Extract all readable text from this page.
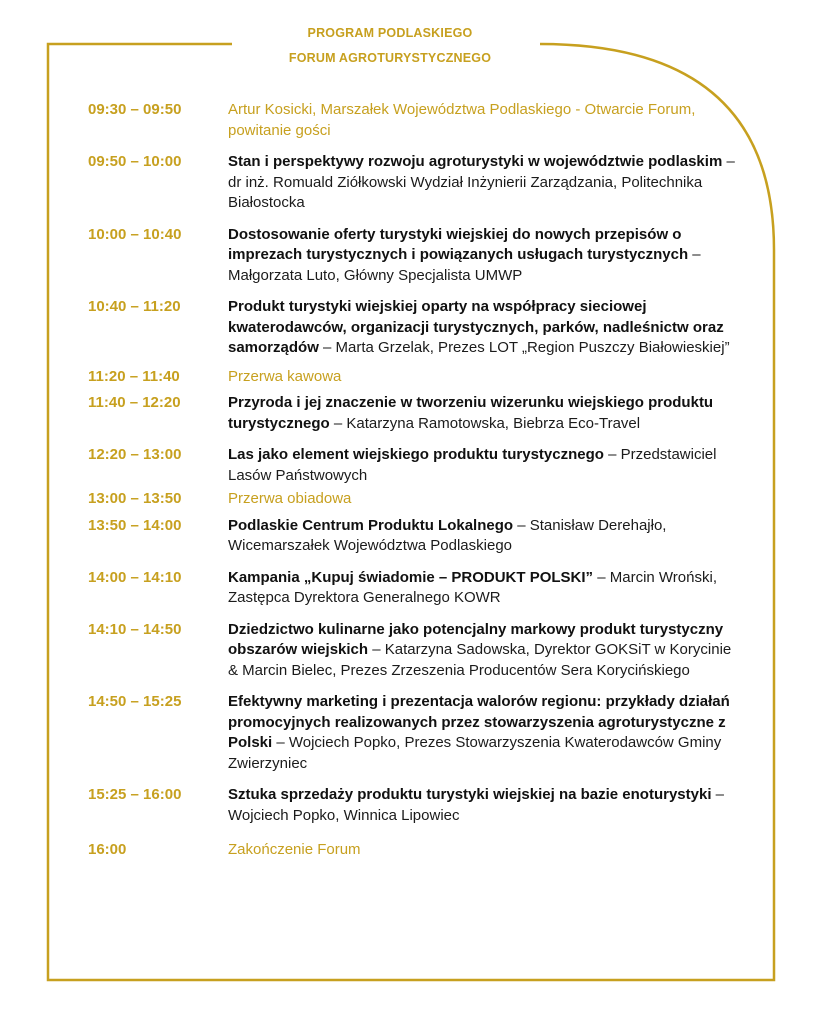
PROGRAM PODLASKIEGO
FORUM AGROTURYSTYCZNEGO
09:30 – 09:50	Artur Kosicki, Marszałek Województwa Podlaskiego - Otwarcie Forum, powitanie gości
09:50 – 10:00	Stan i perspektywy rozwoju agroturystyki w województwie podlaskim – dr inż. Romuald Ziółkowski Wydział Inżynierii Zarządzania, Politechnika Białostocka
10:00 – 10:40	Dostosowanie oferty turystyki wiejskiej do nowych przepisów o imprezach turystycznych i powiązanych usługach turystycznych – Małgorzata Luto, Główny Specjalista UMWP
10:40 – 11:20	Produkt turystyki wiejskiej oparty na współpracy sieciowej kwaterodawców, organizacji turystycznych, parków, nadleśnictw oraz samorządów – Marta Grzelak, Prezes LOT „Region Puszczy Białowieskiej”
11:20 – 11:40	Przerwa kawowa
11:40 – 12:20	Przyroda i jej znaczenie w tworzeniu wizerunku wiejskiego produktu turystycznego – Katarzyna Ramotowska, Biebrza Eco-Travel
12:20 – 13:00	Las jako element wiejskiego produktu turystycznego – Przedstawiciel Lasów Państwowych
13:00 – 13:50	Przerwa obiadowa
13:50 – 14:00	Podlaskie Centrum Produktu Lokalnego – Stanisław Derehajło, Wicemarszałek Województwa Podlaskiego
14:00 – 14:10	Kampania „Kupuj świadomie – PRODUKT POLSKI” – Marcin Wroński, Zastępca Dyrektora Generalnego KOWR
14:10 – 14:50	Dziedzictwo kulinarne jako potencjalny markowy produkt turystyczny obszarów wiejskich – Katarzyna Sadowska, Dyrektor GOKSiT w Korycinie & Marcin Bielec, Prezes Zrzeszenia Producentów Sera Korycińskiego
14:50 – 15:25	Efektywny marketing i prezentacja walorów regionu: przykłady działań promocyjnych realizowanych przez stowarzyszenia agroturystyczne z Polski – Wojciech Popko, Prezes Stowarzyszenia Kwaterodawców Gminy Zwierzyniec
15:25 – 16:00	Sztuka sprzedaży produktu turystyki wiejskiej na bazie enoturystyki – Wojciech Popko, Winnica Lipowiec
16:00	Zakończenie Forum
